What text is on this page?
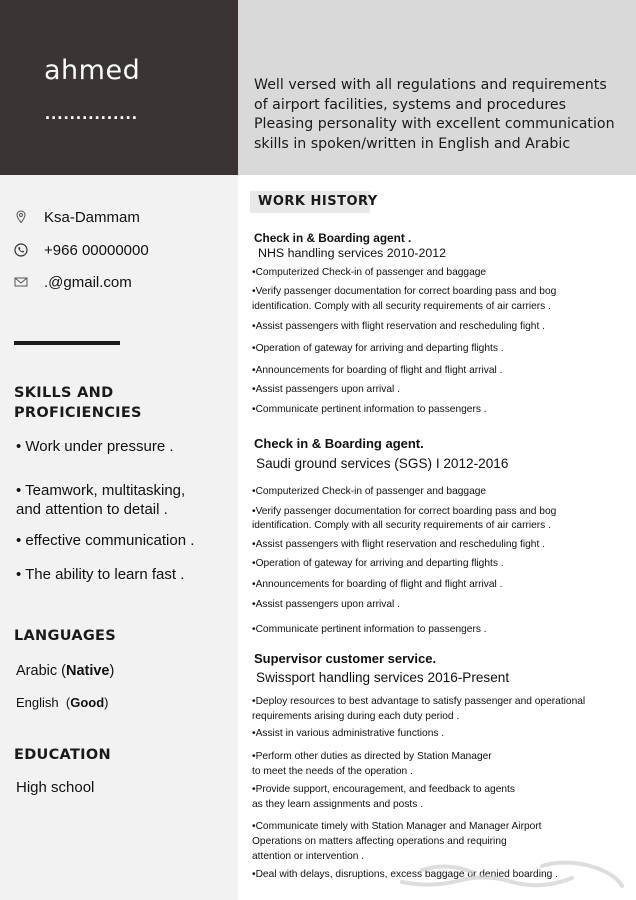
ahmed
...............
Well versed with all regulations and requirements
of airport facilities, systems and procedures
Pleasing personality with excellent communication
skills in spoken/written in English and Arabic
Ksa-Dammam
+966 00000000
.@gmail.com
SKILLS AND
PROFICIENCIES
• Work under pressure .
• Teamwork, multitasking,
and attention to detail .
• effective communication .
• The ability to learn fast .
LANGUAGES
Arabic (Native)
English  (Good)
EDUCATION
High school
WORK HISTORY
Check in & Boarding agent .
NHS handling services 2010-2012
•Computerized Check-in of passenger and baggage
•Verify passenger documentation for correct boarding pass and bog
identification. Comply with all security requirements of air carriers .
•Assist passengers with flight reservation and rescheduling fight .
•Operation of gateway for arriving and departing flights .
•Announcements for boarding of flight and flight arrival .
•Assist passengers upon arrival .
•Communicate pertinent information to passengers .
Check in & Boarding agent.
Saudi ground services (SGS) I 2012-2016
•Computerized Check-in of passenger and baggage
•Verify passenger documentation for correct boarding pass and bog
identification. Comply with all security requirements of air carriers .
•Assist passengers with flight reservation and rescheduling fight .
•Operation of gateway for arriving and departing flights .
•Announcements for boarding of flight and flight arrival .
•Assist passengers upon arrival .
•Communicate pertinent information to passengers .
Supervisor customer service.
Swissport handling services 2016-Present
•Deploy resources to best advantage to satisfy passenger and operational
requirements arising during each duty period .
•Assist in various administrative functions .
•Perform other duties as directed by Station Manager
to meet the needs of the operation .
•Provide support, encouragement, and feedback to agents
as they learn assignments and posts .
•Communicate timely with Station Manager and Manager Airport
Operations on matters affecting operations and requiring
attention or intervention .
•Deal with delays, disruptions, excess baggage or denied boarding .
